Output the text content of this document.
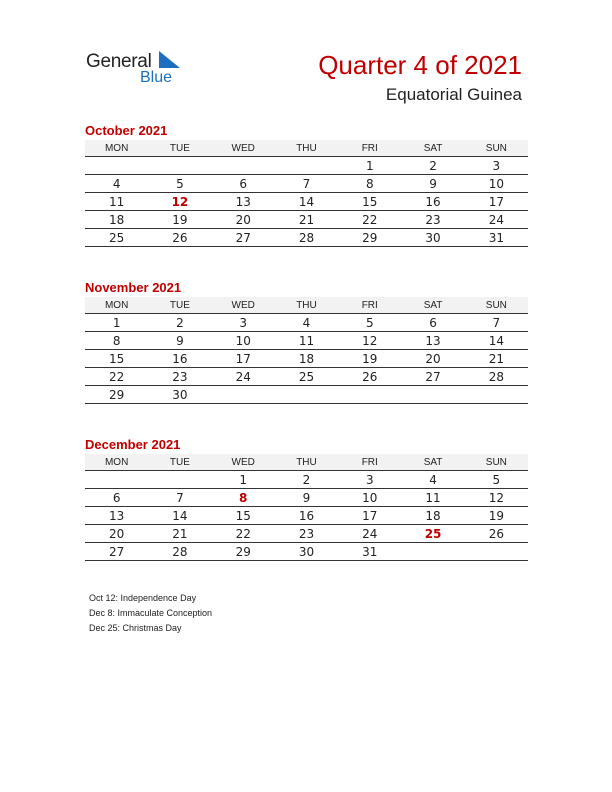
General
Blue	Quarter 4 of 2021
Equatorial Guinea
October 2021
MON	TUE	WED	THU	FRI	SAT	SUN
				1	2	3
4	5	6	7	8	9	10
11	12	13	14	15	16	17
18	19	20	21	22	23	24
25	26	27	28	29	30	31
November 2021
MON	TUE	WED	THU	FRI	SAT	SUN
1	2	3	4	5	6	7
8	9	10	11	12	13	14
15	16	17	18	19	20	21
22	23	24	25	26	27	28
29	30					
December 2021
MON	TUE	WED	THU	FRI	SAT	SUN
		1	2	3	4	5
6	7	8	9	10	11	12
13	14	15	16	17	18	19
20	21	22	23	24	25	26
27	28	29	30	31		
Oct 12: Independence Day
Dec 8: Immaculate Conception
Dec 25: Christmas Day
